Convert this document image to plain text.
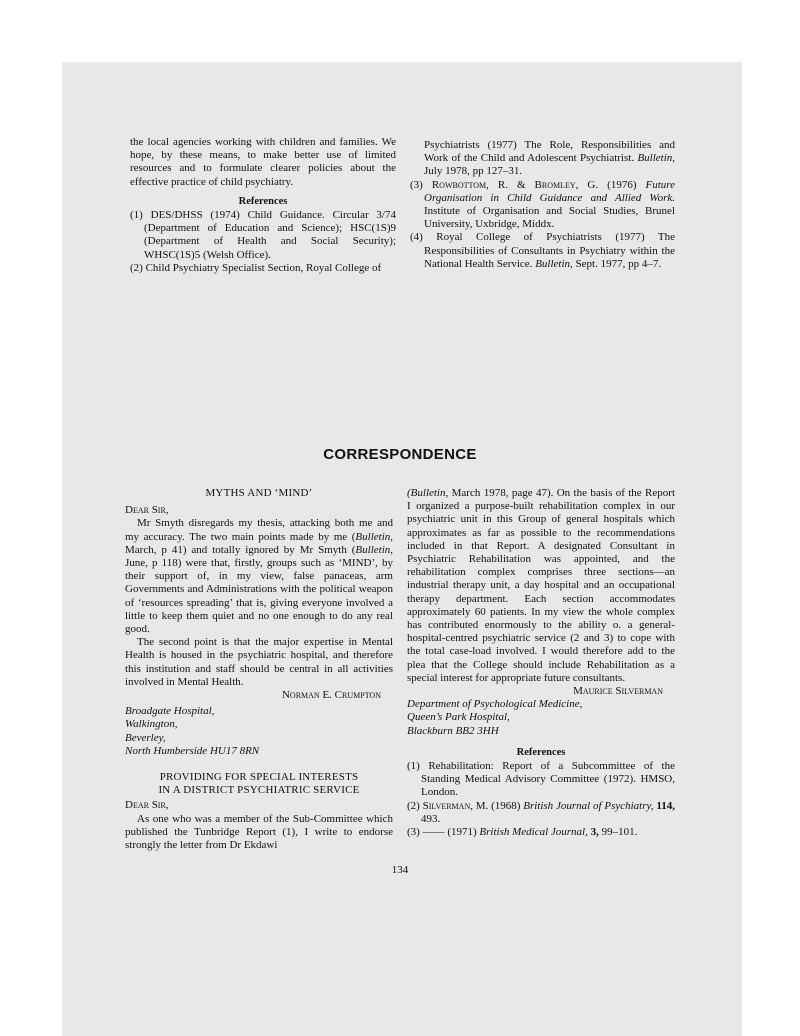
the local agencies working with children and families. We hope, by these means, to make better use of limited resources and to formulate clearer policies about the effective practice of child psychiatry.

References
(1) DES/DHSS (1974) Child Guidance. Circular 3/74 (Department of Education and Science); HSC(1S)9 (Department of Health and Social Security); WHSC(1S)5 (Welsh Office).
(2) Child Psychiatry Specialist Section, Royal College of
Psychiatrists (1977) The Role, Responsibilities and Work of the Child and Adolescent Psychiatrist. Bulletin, July 1978, pp 127–31.
(3) Rowbottom, R. & Bromley, G. (1976) Future Organisation in Child Guidance and Allied Work. Institute of Organisation and Social Studies, Brunel University, Uxbridge, Middx.
(4) Royal College of Psychiatrists (1977) The Responsibilities of Consultants in Psychiatry within the National Health Service. Bulletin, Sept. 1977, pp 4–7.
CORRESPONDENCE
MYTHS AND ‘MIND’

Dear Sir,

Mr Smyth disregards my thesis, attacking both me and my accuracy. The two main points made by me (Bulletin, March, p 41) and totally ignored by Mr Smyth (Bulletin, June, p 118) were that, firstly, groups such as ‘MIND’, by their support of, in my view, false panaceas, arm Governments and Administrations with the political weapon of ‘resources spreading’ that is, giving everyone involved a little to keep them quiet and no one enough to do any real good.

The second point is that the major expertise in Mental Health is housed in the psychiatric hospital, and therefore this institution and staff should be central in all activities involved in Mental Health.

Norman E. Crumpton

Broadgate Hospital,
Walkington,
Beverley,
North Humberside HU17 8RN
PROVIDING FOR SPECIAL INTERESTS
IN A DISTRICT PSYCHIATRIC SERVICE

Dear Sir,

As one who was a member of the Sub-Committee which published the Tunbridge Report (1), I write to endorse strongly the letter from Dr Ekdawi

(Bulletin, March 1978, page 47). On the basis of the Report I organized a purpose-built rehabilitation complex in our psychiatric unit in this Group of general hospitals which approximates as far as possible to the recommendations included in that Report. A designated Consultant in Psychiatric Rehabilitation was appointed, and the rehabilitation complex comprises three sections—an industrial therapy unit, a day hospital and an occupational therapy department. Each section accommodates approximately 60 patients. In my view the whole complex has contributed enormously to the ability o. a general-hospital-centred psychiatric service (2 and 3) to cope with the total case-load involved. I would therefore add to the plea that the College should include Rehabilitation as a special interest for appropriate future consultants.

Maurice Silverman

Department of Psychological Medicine,
Queen’s Park Hospital,
Blackburn BB2 3HH
References
(1) Rehabilitation: Report of a Subcommittee of the Standing Medical Advisory Committee (1972). HMSO, London.
(2) Silverman, M. (1968) British Journal of Psychiatry, 114, 493.
(3) —— (1971) British Medical Journal, 3, 99–101.
134
